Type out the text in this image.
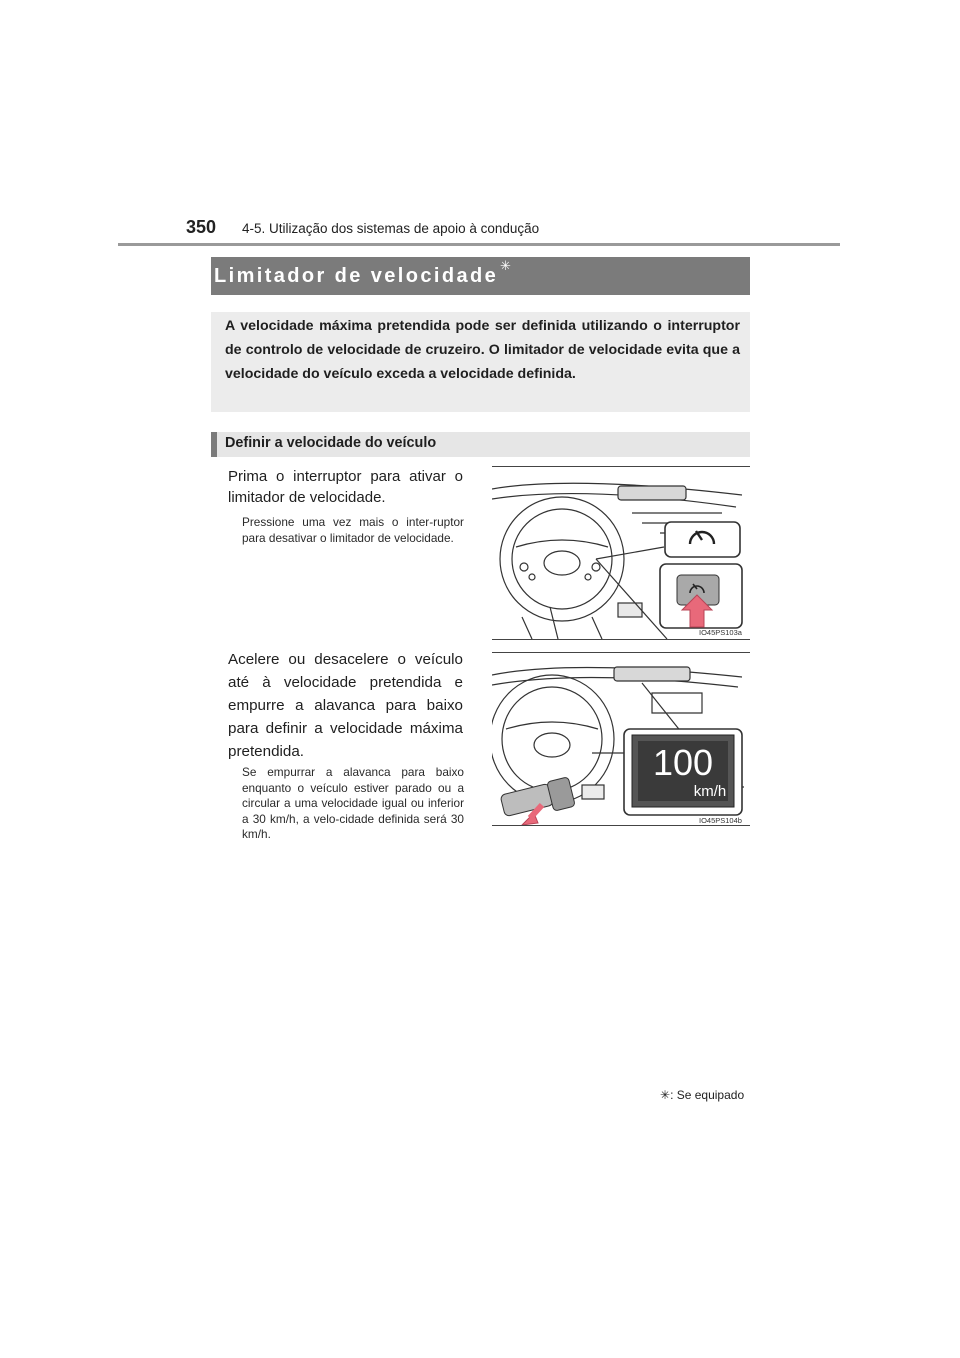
350 4-5. Utilização dos sistemas de apoio à condução
Limitador de velocidade ✳
A velocidade máxima pretendida pode ser definida utilizando o interruptor de controlo de velocidade de cruzeiro. O limitador de velocidade evita que a velocidade do veículo exceda a velocidade definida.
Definir a velocidade do veículo
Prima o interruptor para ativar o limitador de velocidade.
Pressione uma vez mais o inter-ruptor para desativar o limitador de velocidade.
Acelere ou desacelere o veículo até à velocidade pretendida e empurre a alavanca para baixo para definir a velocidade máxima pretendida.
Se empurrar a alavanca para baixo enquanto o veículo estiver parado ou a circular a uma velocidade igual ou inferior a 30 km/h, a velo-cidade definida será 30 km/h.
IO45PS103a
100
km/h
IO45PS104b
✳: Se equipado
